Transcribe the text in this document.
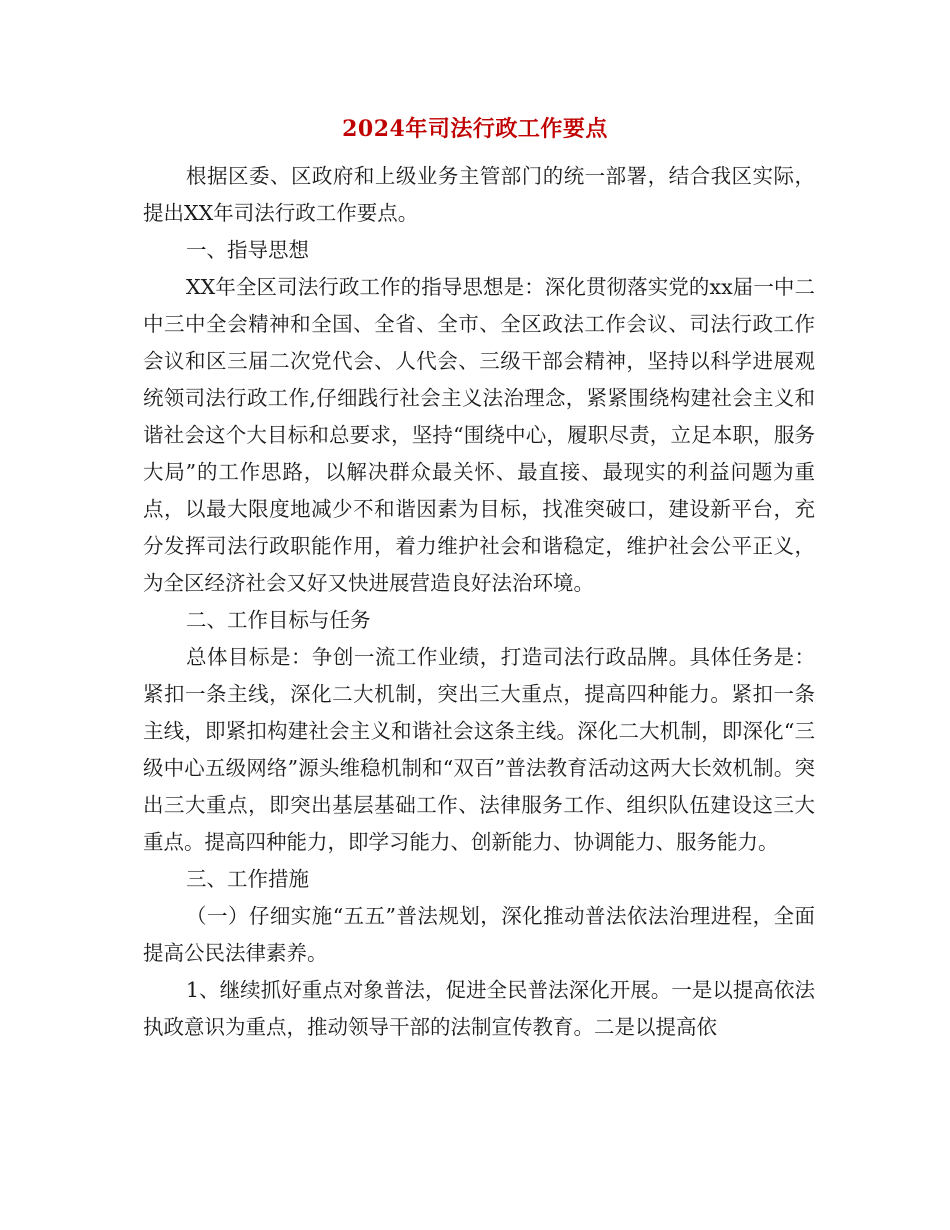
2024年司法行政工作要点

根据区委、区政府和上级业务主管部门的统一部署，结合我区实际，提出XX年司法行政工作要点。

一、指导思想

XX年全区司法行政工作的指导思想是：深化贯彻落实党的xx届一中二中三中全会精神和全国、全省、全市、全区政法工作会议、司法行政工作会议和区三届二次党代会、人代会、三级干部会精神，坚持以科学进展观统领司法行政工作,仔细践行社会主义法治理念，紧紧围绕构建社会主义和谐社会这个大目标和总要求，坚持“围绕中心，履职尽责，立足本职，服务大局”的工作思路，以解决群众最关怀、最直接、最现实的利益问题为重点，以最大限度地减少不和谐因素为目标，找准突破口，建设新平台，充分发挥司法行政职能作用，着力维护社会和谐稳定，维护社会公平正义，为全区经济社会又好又快进展营造良好法治环境。

二、工作目标与任务

总体目标是：争创一流工作业绩，打造司法行政品牌。具体任务是：紧扣一条主线，深化二大机制，突出三大重点，提高四种能力。紧扣一条主线，即紧扣构建社会主义和谐社会这条主线。深化二大机制，即深化“三级中心五级网络”源头维稳机制和“双百”普法教育活动这两大长效机制。突出三大重点，即突出基层基础工作、法律服务工作、组织队伍建设这三大重点。提高四种能力，即学习能力、创新能力、协调能力、服务能力。

三、工作措施

（一）仔细实施“五五”普法规划，深化推动普法依法治理进程，全面提高公民法律素养。

1、继续抓好重点对象普法，促进全民普法深化开展。一是以提高依法执政意识为重点，推动领导干部的法制宣传教育。二是以提高依
